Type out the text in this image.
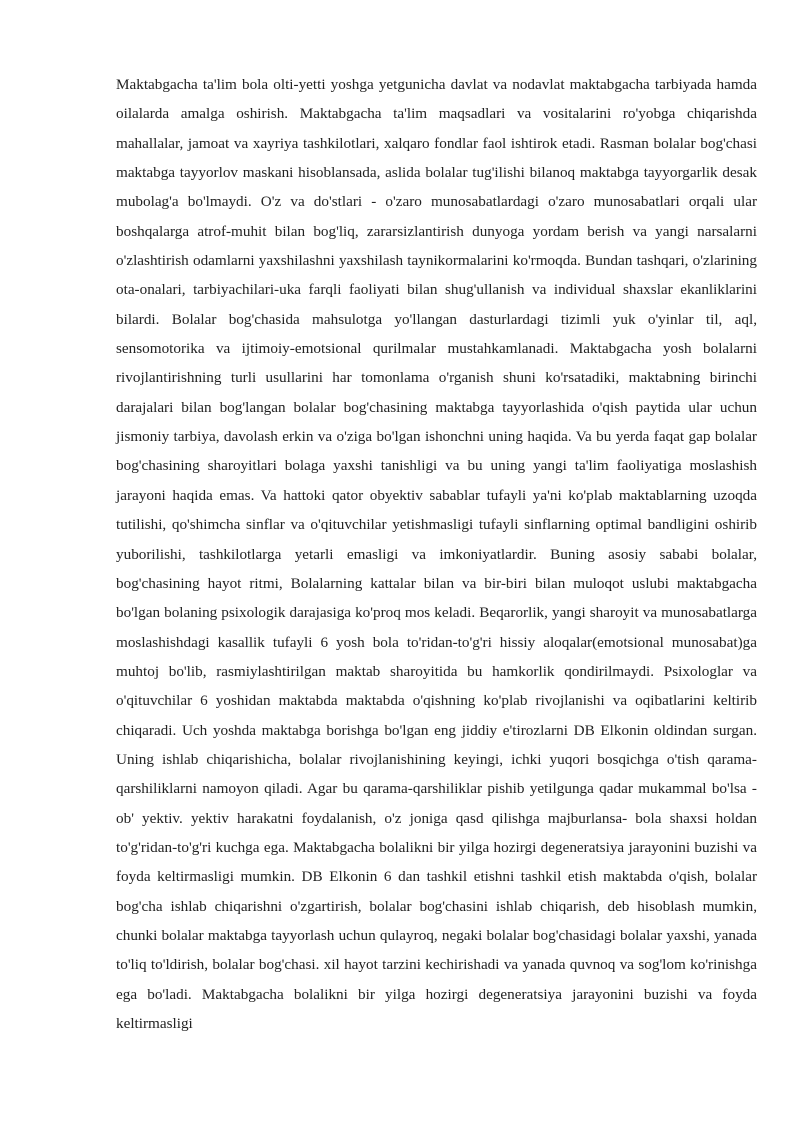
Maktabgacha ta'lim bola olti-yetti yoshga yetgunicha davlat va nodavlat maktabgacha tarbiyada hamda oilalarda amalga oshirish. Maktabgacha ta'lim maqsadlari va vositalarini ro'yobga chiqarishda mahallalar, jamoat va xayriya tashkilotlari, xalqaro fondlar faol ishtirok etadi. Rasman bolalar bog'chasi maktabga tayyorlov maskani hisoblansada, aslida bolalar tug'ilishi bilanoq maktabga tayyorgarlik desak mubolag'a bo'lmaydi. O'z va do'stlari - o'zaro munosabatlardagi o'zaro munosabatlari orqali ular boshqalarga atrof-muhit bilan bog'liq, zararsizlantirish dunyoga yordam berish va yangi narsalarni o'zlashtirish odamlarni yaxshilashni yaxshilash taynikormalarini ko'rmoqda. Bundan tashqari, o'zlarining ota-onalari, tarbiyachilari-uka farqli faoliyati bilan shug'ullanish va individual shaxslar ekanliklarini bilardi. Bolalar bog'chasida mahsulotga yo'llangan dasturlardagi tizimli yuk o'yinlar til, aql, sensomotorika va ijtimoiy-emotsional qurilmalar mustahkamlanadi. Maktabgacha yosh bolalarni rivojlantirishning turli usullarini har tomonlama o'rganish shuni ko'rsatadiki, maktabning birinchi darajalari bilan bog'langan bolalar bog'chasining maktabga tayyorlashida o'qish paytida ular uchun jismoniy tarbiya, davolash erkin va o'ziga bo'lgan ishonchni uning haqida. Va bu yerda faqat gap bolalar bog'chasining sharoyitlari bolaga yaxshi tanishligi va bu uning yangi ta'lim faoliyatiga moslashish jarayoni haqida emas. Va hattoki qator obyektiv sabablar tufayli ya'ni ko'plab maktablarning uzoqda tutilishi, qo'shimcha sinflar va o'qituvchilar yetishmasligi tufayli sinflarning optimal bandligini oshirib yuborilishi, tashkilotlarga yetarli emasligi va imkoniyatlardir. Buning asosiy sababi bolalar, bog'chasining hayot ritmi, Bolalarning kattalar bilan va bir-biri bilan muloqot uslubi maktabgacha bo'lgan bolaning psixologik darajasiga ko'proq mos keladi. Beqarorlik, yangi sharoyit va munosabatlarga moslashishdagi kasallik tufayli 6 yosh bola to'ridan-to'g'ri hissiy aloqalar(emotsional munosabat)ga muhtoj bo'lib, rasmiylashtirilgan maktab sharoyitida bu hamkorlik qondirilmaydi. Psixologlar va o'qituvchilar 6 yoshidan maktabda maktabda o'qishning ko'plab rivojlanishi va oqibatlarini keltirib chiqaradi. Uch yoshda maktabga borishga bo'lgan eng jiddiy e'tirozlarni DB Elkonin oldindan surgan. Uning ishlab chiqarishicha, bolalar rivojlanishining keyingi, ichki yuqori bosqichga o'tish qarama-qarshiliklarni namoyon qiladi. Agar bu qarama-qarshiliklar pishib yetilgunga qadar mukammal bo'lsa - ob' yektiv. yektiv harakatni foydalanish, o'z joniga qasd qilishga majburlansa- bola shaxsi holdan to'g'ridan-to'g'ri kuchga ega. Maktabgacha bolalikni bir yilga hozirgi degeneratsiya jarayonini buzishi va foyda keltirmasligi mumkin. DB Elkonin 6 dan tashkil etishni tashkil etish maktabda o'qish, bolalar bog'cha ishlab chiqarishni o'zgartirish, bolalar bog'chasini ishlab chiqarish, deb hisoblash mumkin, chunki bolalar maktabga tayyorlash uchun qulayroq, negaki bolalar bog'chasidagi bolalar yaxshi, yanada to'liq to'ldirish, bolalar bog'chasi. xil hayot tarzini kechirishadi va yanada quvnoq va sog'lom ko'rinishga ega bo'ladi. Maktabgacha bolalikni bir yilga hozirgi degeneratsiya jarayonini buzishi va foyda keltirmasligi
